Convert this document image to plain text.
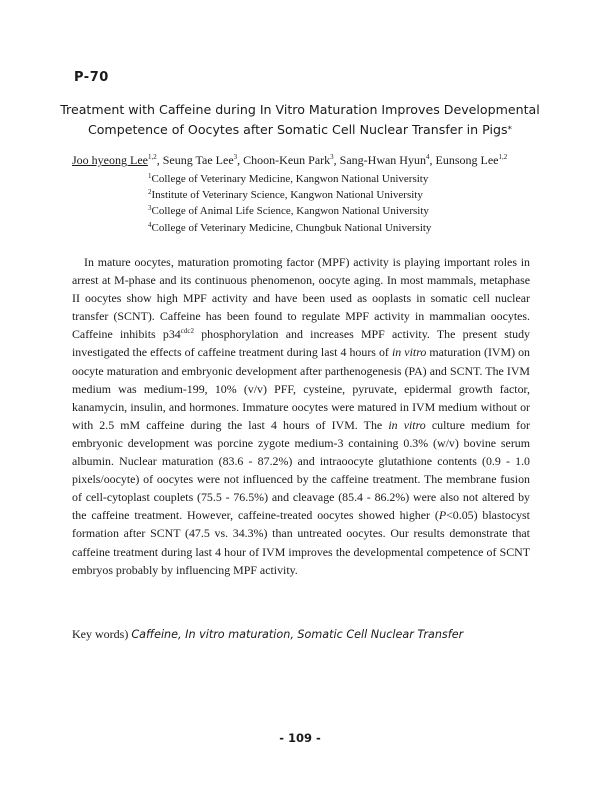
P-70
Treatment with Caffeine during In Vitro Maturation Improves Developmental
Competence of Oocytes after Somatic Cell Nuclear Transfer in Pigs*
Joo hyeong Lee$^{1,2}$, Seung Tae Lee$^3$, Choon-Keun Park$^3$, Sang-Hwan Hyun$^4$, Eunsong Lee$^{1,2}$
$^1$College of Veterinary Medicine, Kangwon National University
$^2$Institute of Veterinary Science, Kangwon National University
$^3$College of Animal Life Science, Kangwon National University
$^4$College of Veterinary Medicine, Chungbuk National University
In mature oocytes, maturation promoting factor (MPF) activity is playing important roles in arrest at M-phase and its continuous phenomenon, oocyte aging. In most mammals, metaphase II oocytes show high MPF activity and have been used as ooplasts in somatic cell nuclear transfer (SCNT). Caffeine has been found to regulate MPF activity in mammalian oocytes. Caffeine inhibits $p34^{cdc2}$ phosphorylation and increases MPF activity. The present study investigated the effects of caffeine treatment during last 4 hours of in vitro maturation (IVM) on oocyte maturation and embryonic development after parthenogenesis (PA) and SCNT. The IVM medium was medium-199, 10% (v/v) PFF, cysteine, pyruvate, epidermal growth factor, kanamycin, insulin, and hormones. Immature oocytes were matured in IVM medium without or with 2.5 mM caffeine during the last 4 hours of IVM. The in vitro culture medium for embryonic development was porcine zygote medium-3 containing 0.3% (w/v) bovine serum albumin. Nuclear maturation (83.6 - 87.2%) and intraoocyte glutathione contents (0.9 - 1.0 pixels/oocyte) of oocytes were not influenced by the caffeine treatment. The membrane fusion of cell-cytoplast couplets (75.5 - 76.5%) and cleavage (85.4 - 86.2%) were also not altered by the caffeine treatment. However, caffeine-treated oocytes showed higher (P<0.05) blastocyst formation after SCNT (47.5 vs. 34.3%) than untreated oocytes. Our results demonstrate that caffeine treatment during last 4 hour of IVM improves the developmental competence of SCNT embryos probably by influencing MPF activity.
Key words) Caffeine, In vitro maturation, Somatic Cell Nuclear Transfer
- 109 -
